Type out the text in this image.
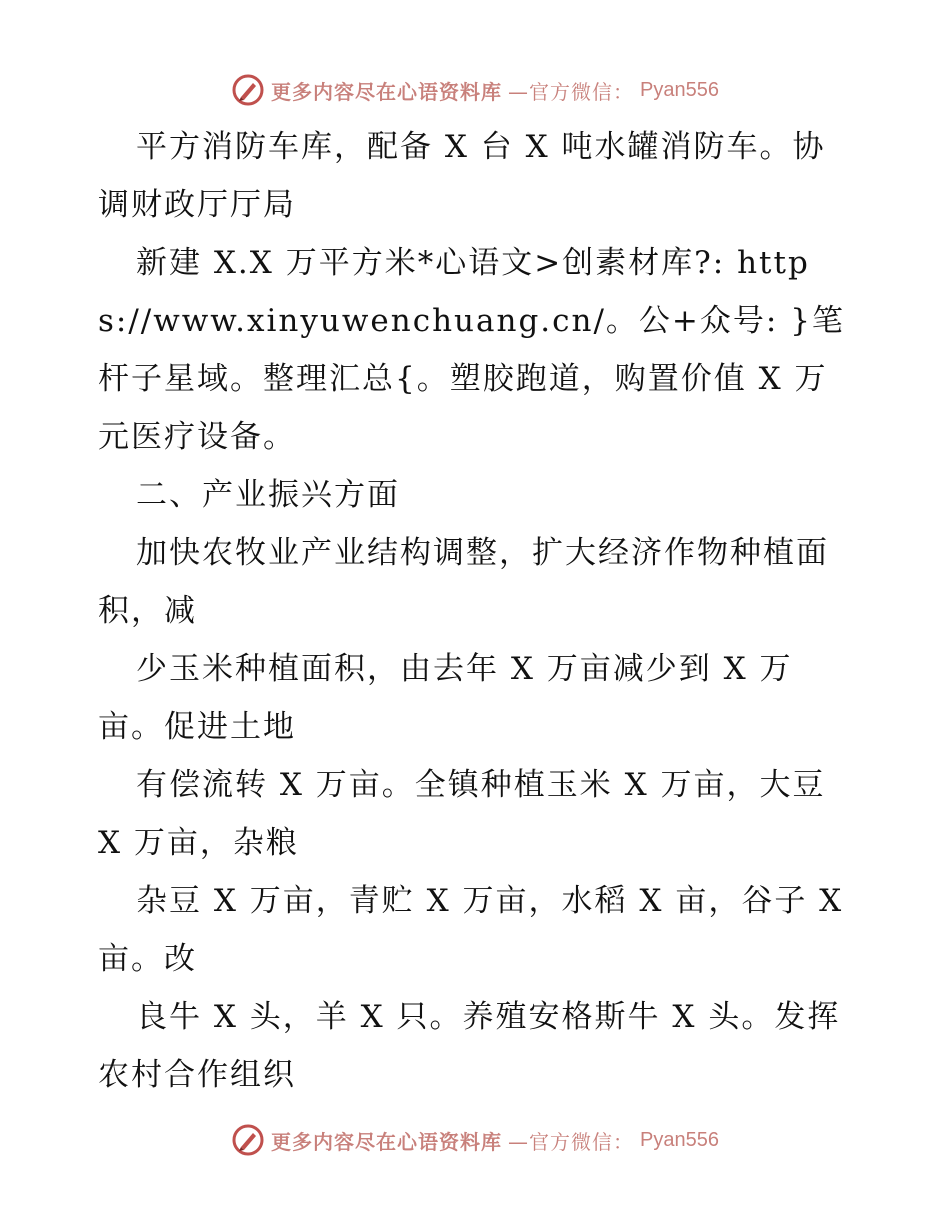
更多内容尽在心语资料库 —官方微信： Pyan556

平方消防车库，配备 X 台 X 吨水罐消防车。协调财政厅厅局

新建 X.X 万平方米*心语文>创素材库?: https://www.xinyuwenchuang.cn/。公+众号: }笔杆子星域。整理汇总{。塑胶跑道，购置价值 X 万元医疗设备。

二、产业振兴方面

加快农牧业产业结构调整，扩大经济作物种植面积，减

少玉米种植面积，由去年 X 万亩减少到 X 万亩。促进土地

有偿流转 X 万亩。全镇种植玉米 X 万亩，大豆 X 万亩，杂粮

杂豆 X 万亩，青贮 X 万亩，水稻 X 亩，谷子 X 亩。改

良牛 X 头，羊 X 只。养殖安格斯牛 X 头。发挥农村合作组织

更多内容尽在心语资料库 —官方微信： Pyan556
